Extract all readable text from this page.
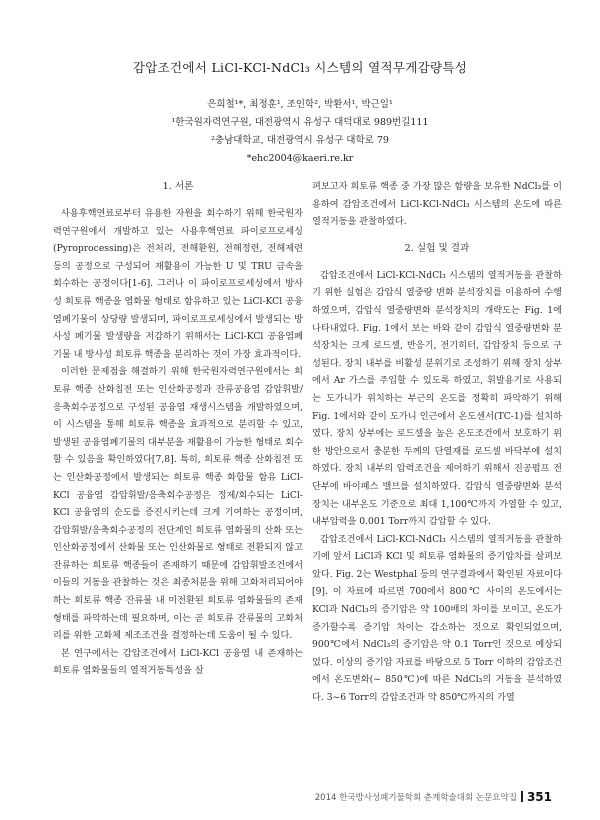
감압조건에서 LiCl-KCl-NdCl₃ 시스템의 열적무게감량특성
은희철¹*, 최정훈¹, 조인학², 박환서¹, 박근일¹
¹한국원자력연구원, 대전광역시 유성구 대덕대로 989번길111
²충남대학교, 대전광역시 유성구 대학로 79
*ehc2004@kaeri.re.kr
1. 서론

사용후핵연료로부터 유용한 자원을 회수하기 위해 한국원자력연구원에서 개발하고 있는 사용후핵연료 파이로프로세싱(Pyroprocessing)은 전처리, 전해환원, 전해정련, 전해제련 등의 공정으로 구성되어 재활용이 가능한 U 및 TRU 금속을 회수하는 공정이다[1-6]. 그러나 이 파이로프로세싱에서 방사성 희토류 핵종을 염화물 형태로 함유하고 있는 LiCl-KCl 공융염폐기물이 상당량 발생되며, 파이로프로세싱에서 발생되는 방사성 폐기물 발생량을 저감하기 위해서는 LiCl-KCl 공융염폐기물 내 방사성 희토류 핵종을 분리하는 것이 가장 효과적이다.

이러한 문제점을 해결하기 위해 한국원자력연구원에서는 희토류 핵종 산화침전 또는 인산화공정과 잔류공융염 감압휘발/응축회수공정으로 구성된 공융염 재생시스템을 개발하였으며, 이 시스템을 통해 희토류 핵종을 효과적으로 분리할 수 있고, 발생된 공융염폐기물의 대부분을 재활용이 가능한 형태로 회수할 수 있음을 확인하였다[7,8]. 특히, 희토류 핵종 산화침전 또는 인산화공정에서 발생되는 희토류 핵종 화합물 함유 LiCl-KCl 공융염 감압휘발/응축회수공정은 정제/회수되는 LiCl-KCl 공융염의 순도를 증진시키는데 크게 기여하는 공정이며, 감압휘발/응축회수공정의 전단계인 희토류 염화물의 산화 또는 인산화공정에서 산화물 또는 인산화물로 형태로 전환되지 않고 잔류하는 희토류 핵종들이 존재하기 때문에 감압휘발조건에서 이들의 거동을 관찰하는 것은 최종처분을 위해 고화처리되어야 하는 희토류 핵종 잔류물 내 미전환된 희토류 염화물들의 존재형태를 파악하는데 필요하며, 이는 곧 희토류 잔류물의 고화처리를 위한 고화체 제조조건을 결정하는데 도움이 될 수 있다.

본 연구에서는 감압조건에서 LiCl-KCl 공융염 내 존재하는 희토류 염화물들의 열적거동특성을 살

펴보고자 희토류 핵종 중 가장 많은 함량을 보유한 NdCl₃를 이용하여 감압조건에서 LiCl-KCl-NdCl₃ 시스템의 온도에 따른 열적거동을 관찰하였다.

2. 실험 및 결과

감압조건에서 LiCl-KCl-NdCl₃ 시스템의 열적거동을 관찰하기 위한 실험은 감압식 열중량 변화 분석장치를 이용하여 수행하였으며, 감압식 열중량변화 분석장치의 개략도는 Fig. 1에 나타내었다. Fig. 1에서 보는 바와 같이 감압식 열중량변화 분석장치는 크게 로드셀, 반응기, 전기히터, 감압장치 등으로 구성된다. 장치 내부를 비활성 분위기로 조성하기 위해 장치 상부에서 Ar 가스를 주입할 수 있도록 하였고, 휘발용기로 사용되는 도가니가 위치하는 부근의 온도를 정확히 파악하기 위해 Fig. 1에서와 같이 도가니 인근에서 온도센서(TC-1)를 설치하였다. 장치 상부에는 로드셀을 높은 온도조건에서 보호하기 위한 방안으로서 충분한 두께의 단열재를 로드셀 바닥부에 설치하였다. 장치 내부의 압력조건을 제어하기 위해서 진공펌프 전단부에 바이패스 밸브를 설치하였다. 감압식 열중량변화 분석장치는 내부온도 기준으로 최대 1,100℃까지 가열할 수 있고, 내부압력을 0.001 Torr까지 감압할 수 있다.

감압조건에서 LiCl-KCl-NdCl₃ 시스템의 열적거동을 관찰하기에 앞서 LiCl과 KCl 및 희토류 염화물의 증기압차를 살펴보았다. Fig. 2는 Westphal 등의 연구결과에서 확인된 자료이다[9]. 이 자료에 따르면 700에서 800℃ 사이의 온도에서는 KCl과 NdCl₃의 증기압은 약 100배의 차이를 보이고, 온도가 증가할수록 증기압 차이는 감소하는 것으로 확인되었으며, 900℃에서 NdCl₃의 증기압은 약 0.1 Torr인 것으로 예상되었다. 이상의 증기압 자료를 바탕으로 5 Torr 이하의 감압조건에서 온도변화(~ 850℃)에 따른 NdCl₃의 거동을 분석하였다. 3~6 Torr의 감압조건과 약 850℃까지의 가열

2014 한국방사성폐기물학회 춘계학술대회 논문요약집 351
